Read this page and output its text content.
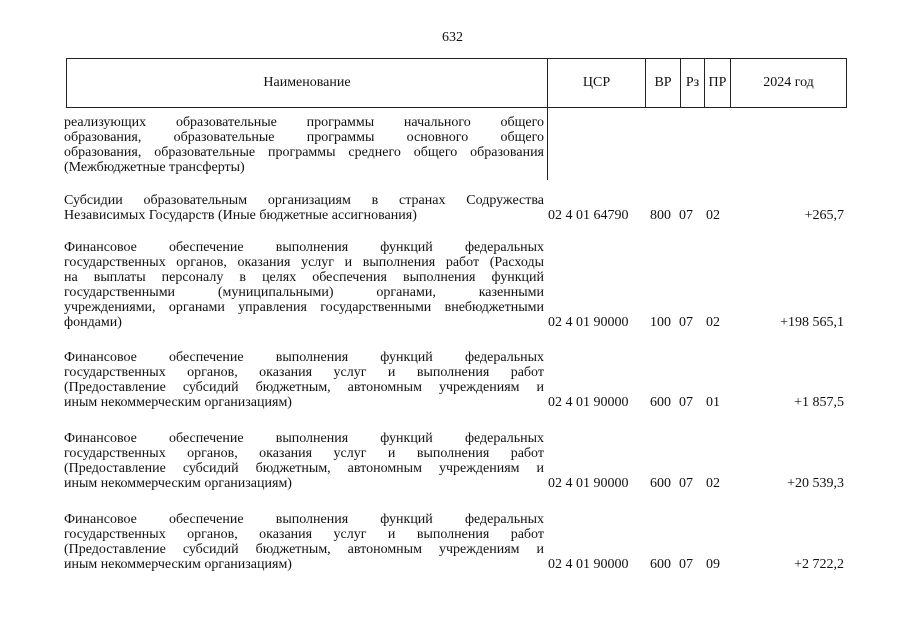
632
Наименование	ЦСР	ВР	Рз ПР	2024 год
реализующих образовательные программы начального общего
образования, образовательные программы основного общего
образования, образовательные программы среднего общего образования
(Межбюджетные трансферты)
Субсидии образовательным организациям в странах Содружества
Независимых Государств (Иные бюджетные ассигнования)	02 4 01 64790	800 07 02	+265,7
Финансовое обеспечение выполнения функций федеральных
государственных органов, оказания услуг и выполнения работ (Расходы
на выплаты персоналу в целях обеспечения выполнения функций
государственными (муниципальными) органами, казенными
учреждениями, органами управления государственными внебюджетными
фондами)	02 4 01 90000	100 07 02	+198 565,1
Финансовое обеспечение выполнения функций федеральных
государственных органов, оказания услуг и выполнения работ
(Предоставление субсидий бюджетным, автономным учреждениям и
иным некоммерческим организациям)	02 4 01 90000	600 07 01	+1 857,5
Финансовое обеспечение выполнения функций федеральных
государственных органов, оказания услуг и выполнения работ
(Предоставление субсидий бюджетным, автономным учреждениям и
иным некоммерческим организациям)	02 4 01 90000	600 07 02	+20 539,3
Финансовое обеспечение выполнения функций федеральных
государственных органов, оказания услуг и выполнения работ
(Предоставление субсидий бюджетным, автономным учреждениям и
иным некоммерческим организациям)	02 4 01 90000	600 07 09	+2 722,2
